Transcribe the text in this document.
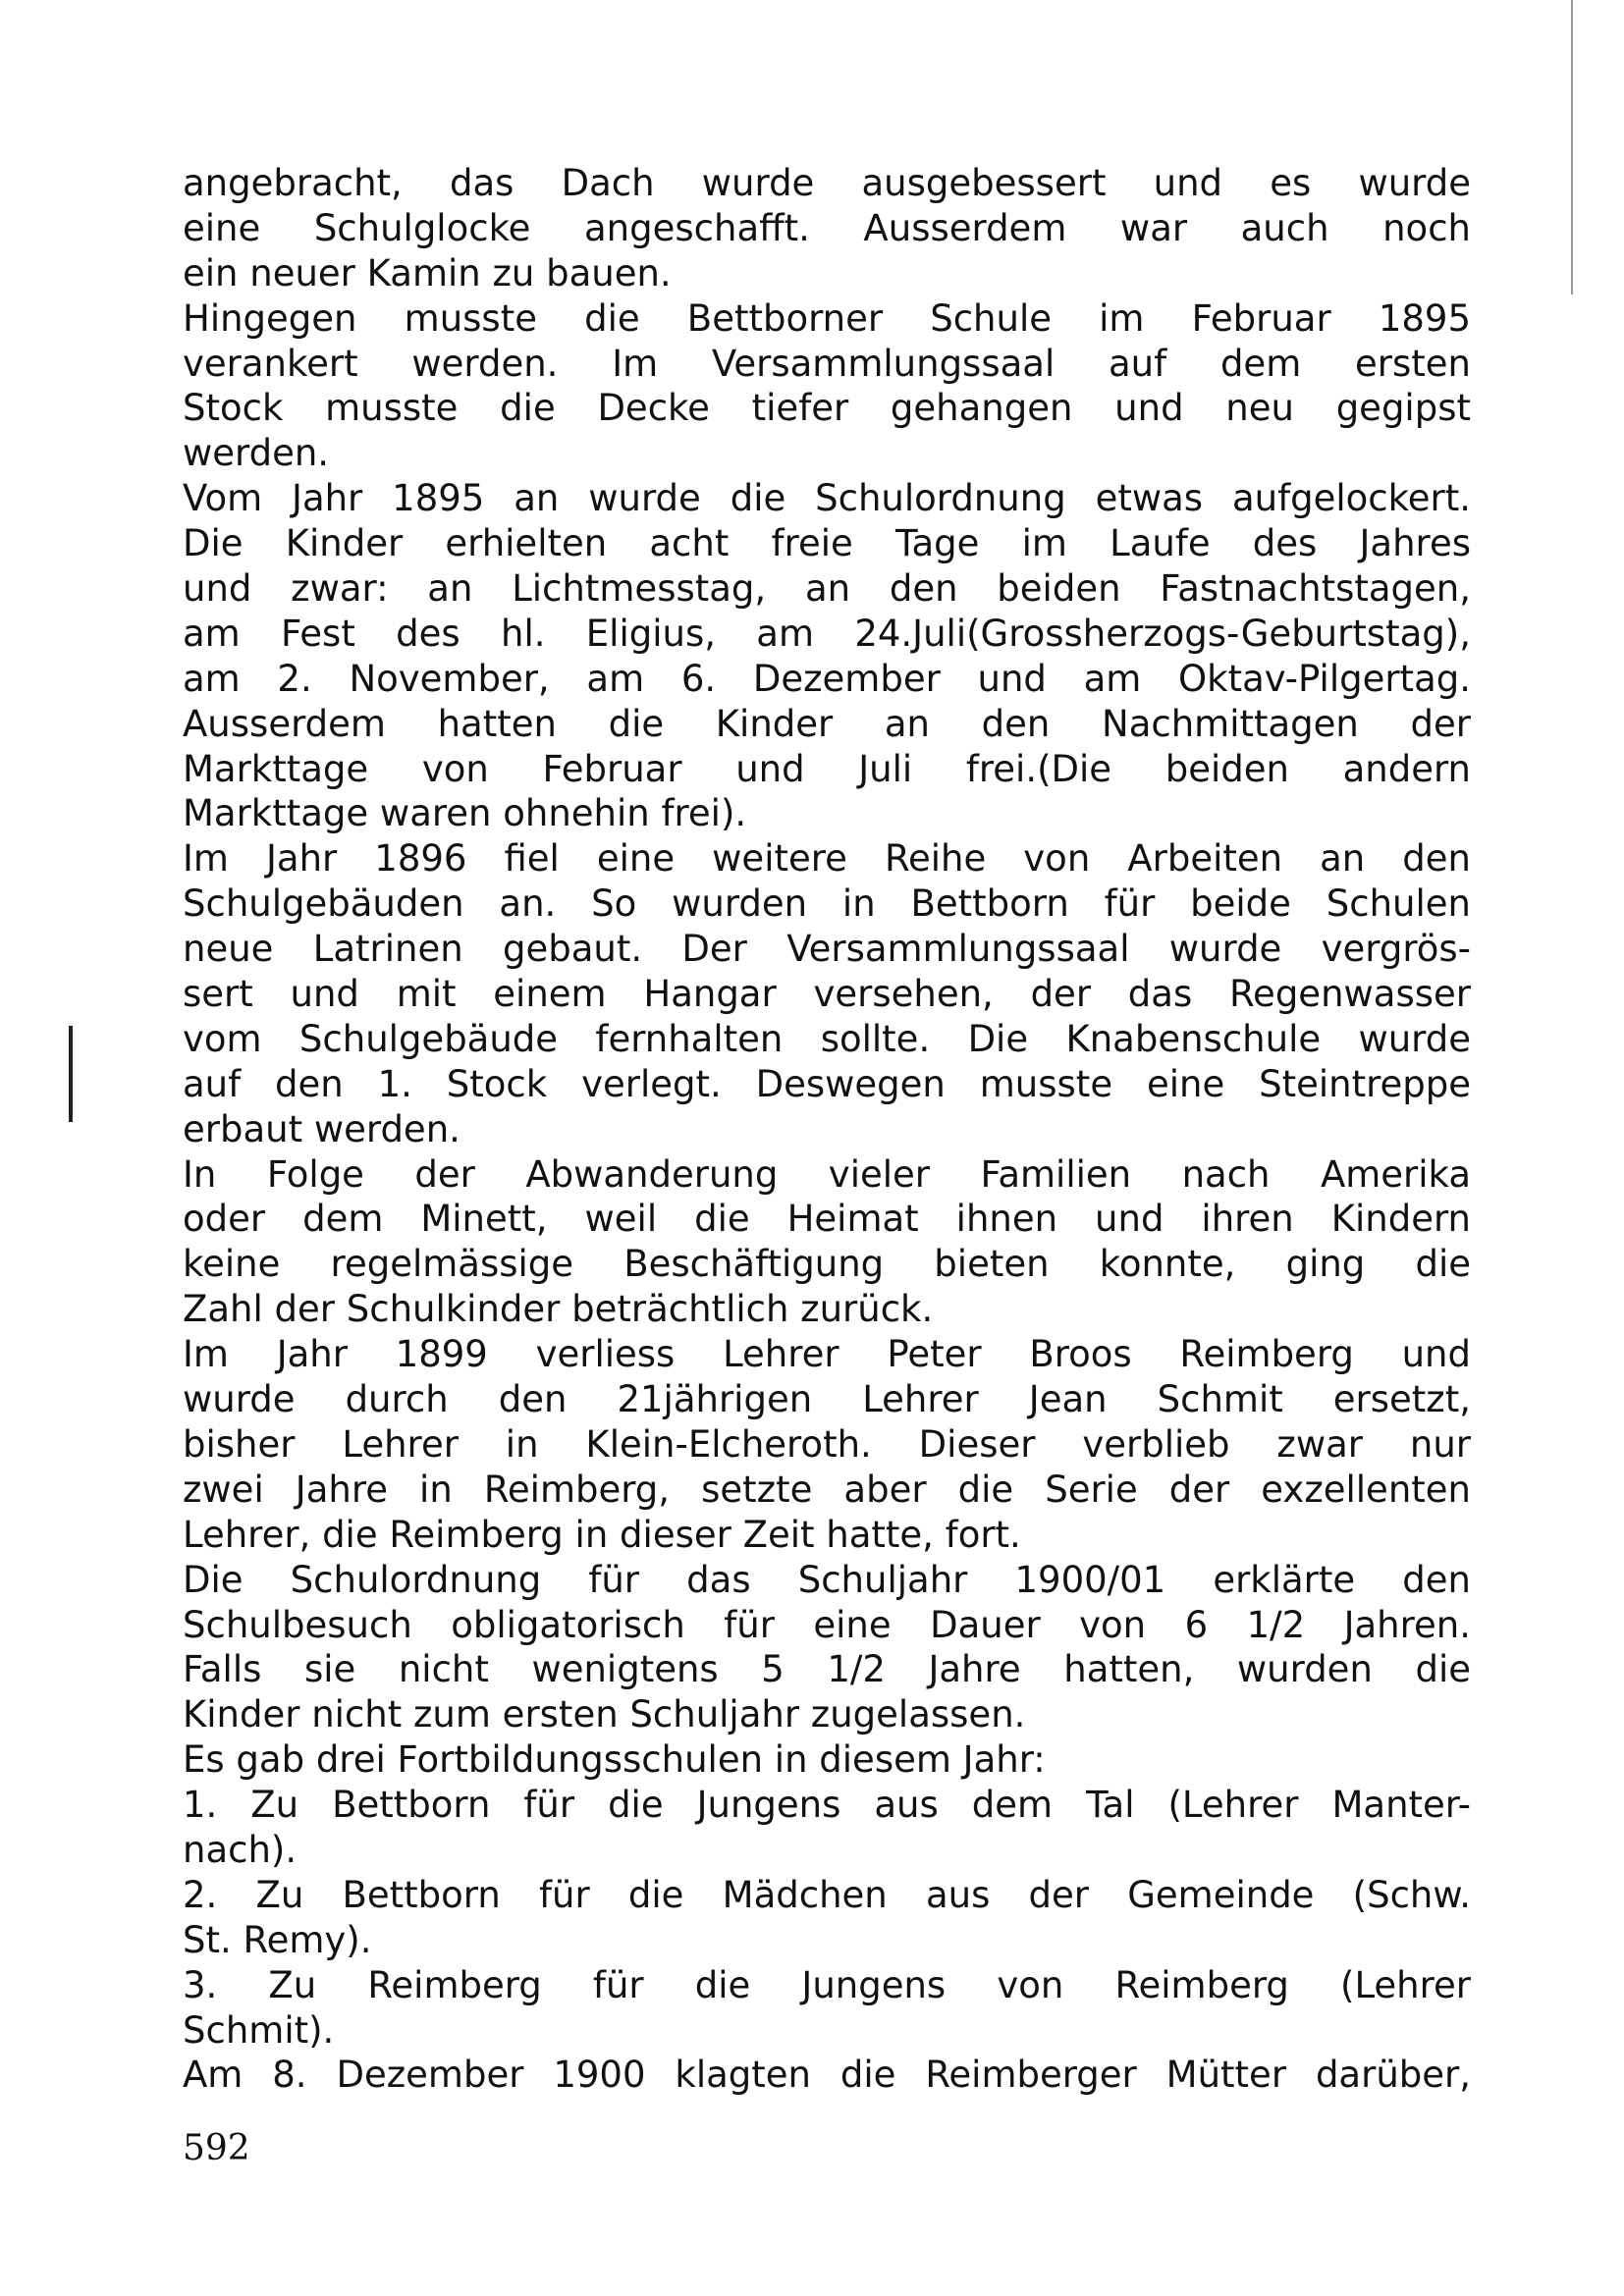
angebracht, das Dach wurde ausgebessert und es wurde
eine Schulglocke angeschafft. Ausserdem war auch noch
ein neuer Kamin zu bauen.
Hingegen musste die Bettborner Schule im Februar 1895
verankert werden. Im Versammlungssaal auf dem ersten
Stock musste die Decke tiefer gehangen und neu gegipst
werden.
Vom Jahr 1895 an wurde die Schulordnung etwas aufgelockert.
Die Kinder erhielten acht freie Tage im Laufe des Jahres
und zwar: an Lichtmesstag, an den beiden Fastnachtstagen,
am Fest des hl. Eligius, am 24.Juli(Grossherzogs-Geburtstag),
am 2. November, am 6. Dezember und am Oktav-Pilgertag.
Ausserdem hatten die Kinder an den Nachmittagen der
Markttage von Februar und Juli frei.(Die beiden andern
Markttage waren ohnehin frei).
Im Jahr 1896 fiel eine weitere Reihe von Arbeiten an den
Schulgebäuden an. So wurden in Bettborn für beide Schulen
neue Latrinen gebaut. Der Versammlungssaal wurde vergrös-
sert und mit einem Hangar versehen, der das Regenwasser
vom Schulgebäude fernhalten sollte. Die Knabenschule wurde
auf den 1. Stock verlegt. Deswegen musste eine Steintreppe
erbaut werden.
In Folge der Abwanderung vieler Familien nach Amerika
oder dem Minett, weil die Heimat ihnen und ihren Kindern
keine regelmässige Beschäftigung bieten konnte, ging die
Zahl der Schulkinder beträchtlich zurück.
Im Jahr 1899 verliess Lehrer Peter Broos Reimberg und
wurde durch den 21jährigen Lehrer Jean Schmit ersetzt,
bisher Lehrer in Klein-Elcheroth. Dieser verblieb zwar nur
zwei Jahre in Reimberg, setzte aber die Serie der exzellenten
Lehrer, die Reimberg in dieser Zeit hatte, fort.
Die Schulordnung für das Schuljahr 1900/01 erklärte den
Schulbesuch obligatorisch für eine Dauer von 6 1/2 Jahren.
Falls sie nicht wenigtens 5 1/2 Jahre hatten, wurden die
Kinder nicht zum ersten Schuljahr zugelassen.
Es gab drei Fortbildungsschulen in diesem Jahr:
1. Zu Bettborn für die Jungens aus dem Tal (Lehrer Manter-
nach).
2. Zu Bettborn für die Mädchen aus der Gemeinde (Schw.
St. Remy).
3. Zu Reimberg für die Jungens von Reimberg (Lehrer
Schmit).
Am 8. Dezember 1900 klagten die Reimberger Mütter darüber,
592
